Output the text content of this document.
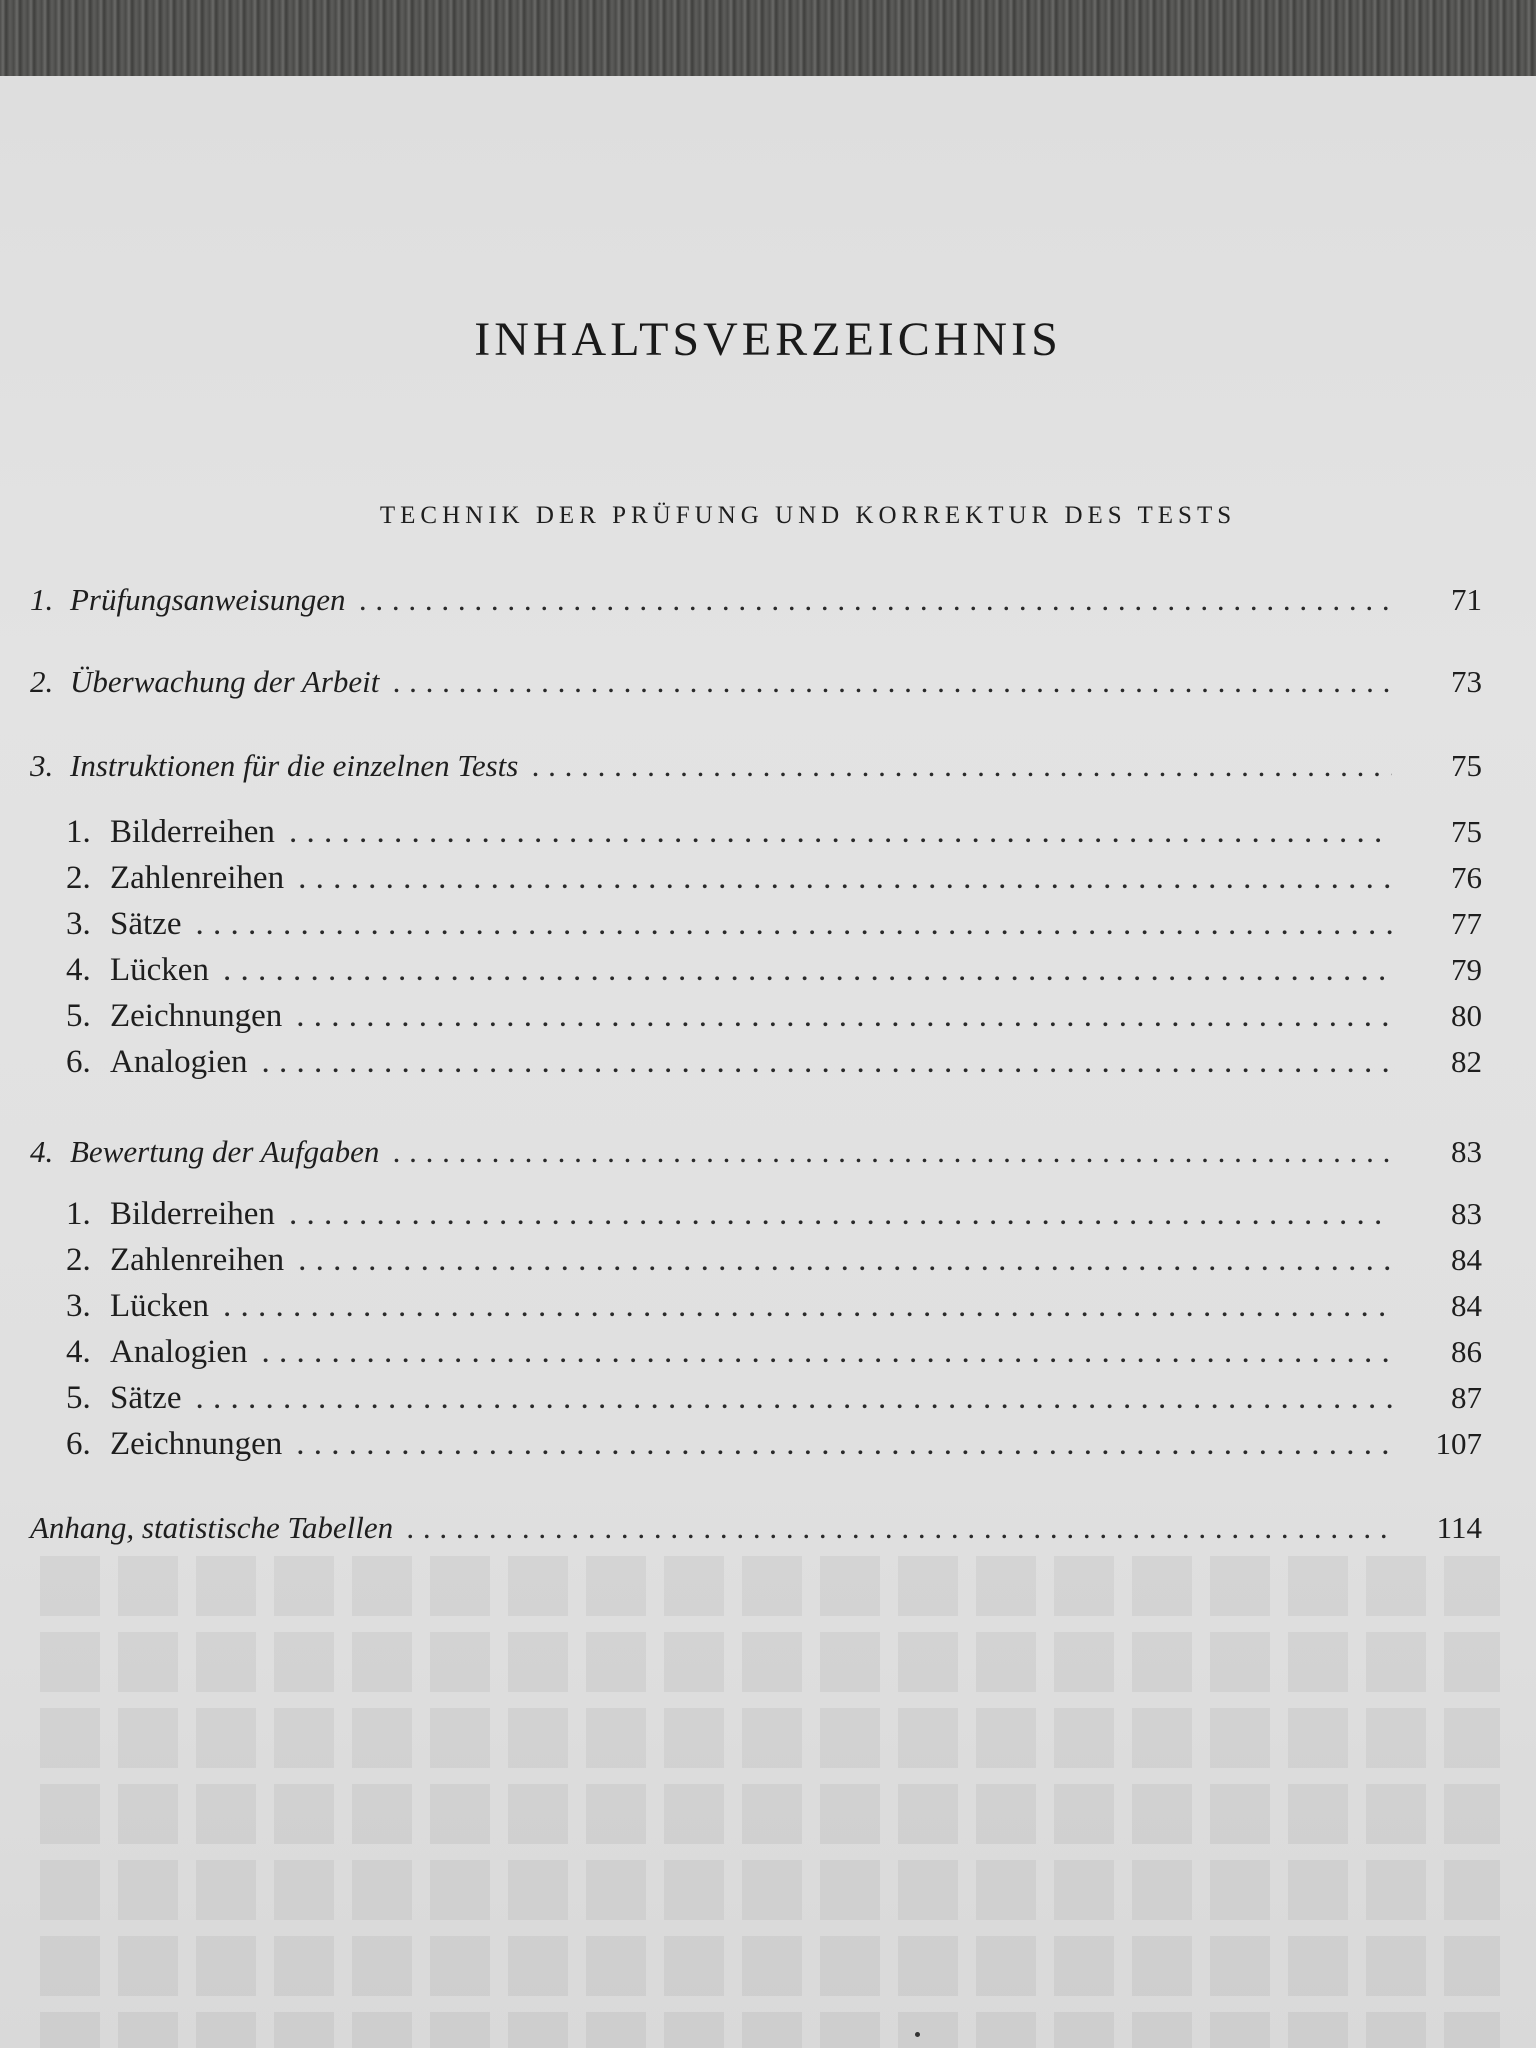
INHALTSVERZEICHNIS
TECHNIK DER PRÜFUNG UND KORREKTUR DES TESTS
1. Prüfungsanweisungen . . .	71
2. Überwachung der Arbeit . . .	73
3. Instruktionen für die einzelnen Tests . . .	75
1. Bilderreihen . . .	75
2. Zahlenreihen . . .	76
3. Sätze . . .	77
4. Lücken . . .	79
5. Zeichnungen . . .	80
6. Analogien . . .	82
4. Bewertung der Aufgaben . . .	83
1. Bilderreihen . . .	83
2. Zahlenreihen . . .	84
3. Lücken . . .	84
4. Analogien . . .	86
5. Sätze . . .	87
6. Zeichnungen . . .	107
Anhang, statistische Tabellen . . .	114
